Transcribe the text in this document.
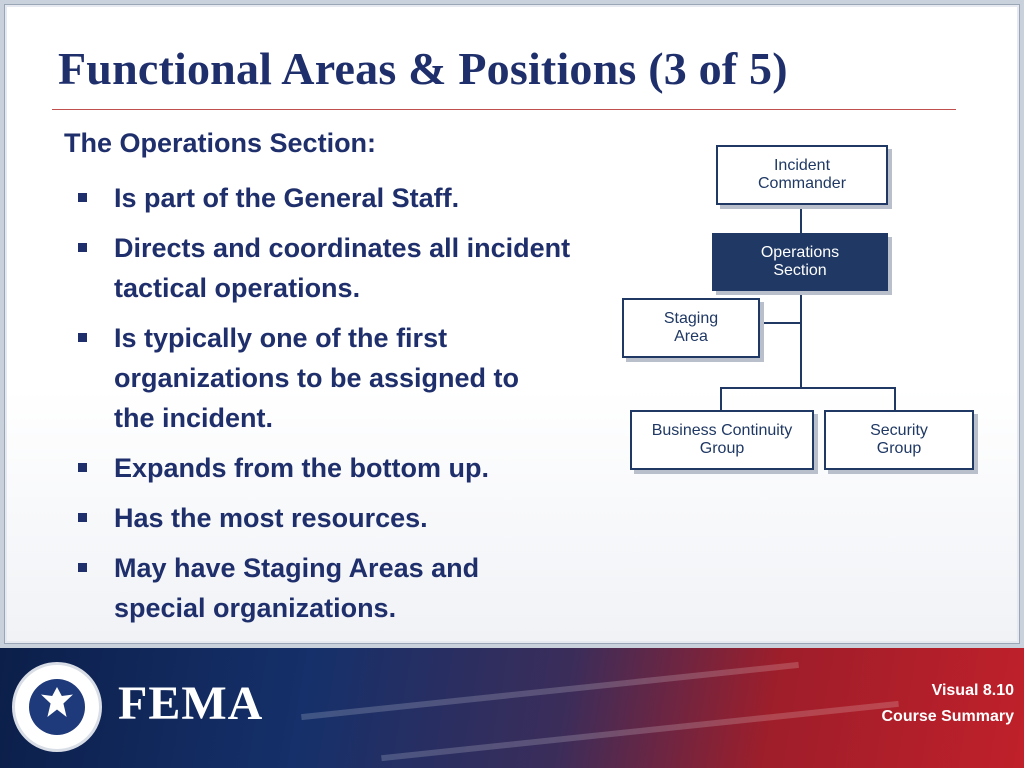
Functional Areas & Positions (3 of 5)
The Operations Section:
Is part of the General Staff.
Directs and coordinates all incident tactical operations.
Is typically one of the first organizations to be assigned to the incident.
Expands from the bottom up.
Has the most resources.
May have Staging Areas and special organizations.
Incident
Commander
Operations
Section
Staging
Area
Business Continuity
Group
Security
Group
FEMA	Visual 8.10
Course Summary
